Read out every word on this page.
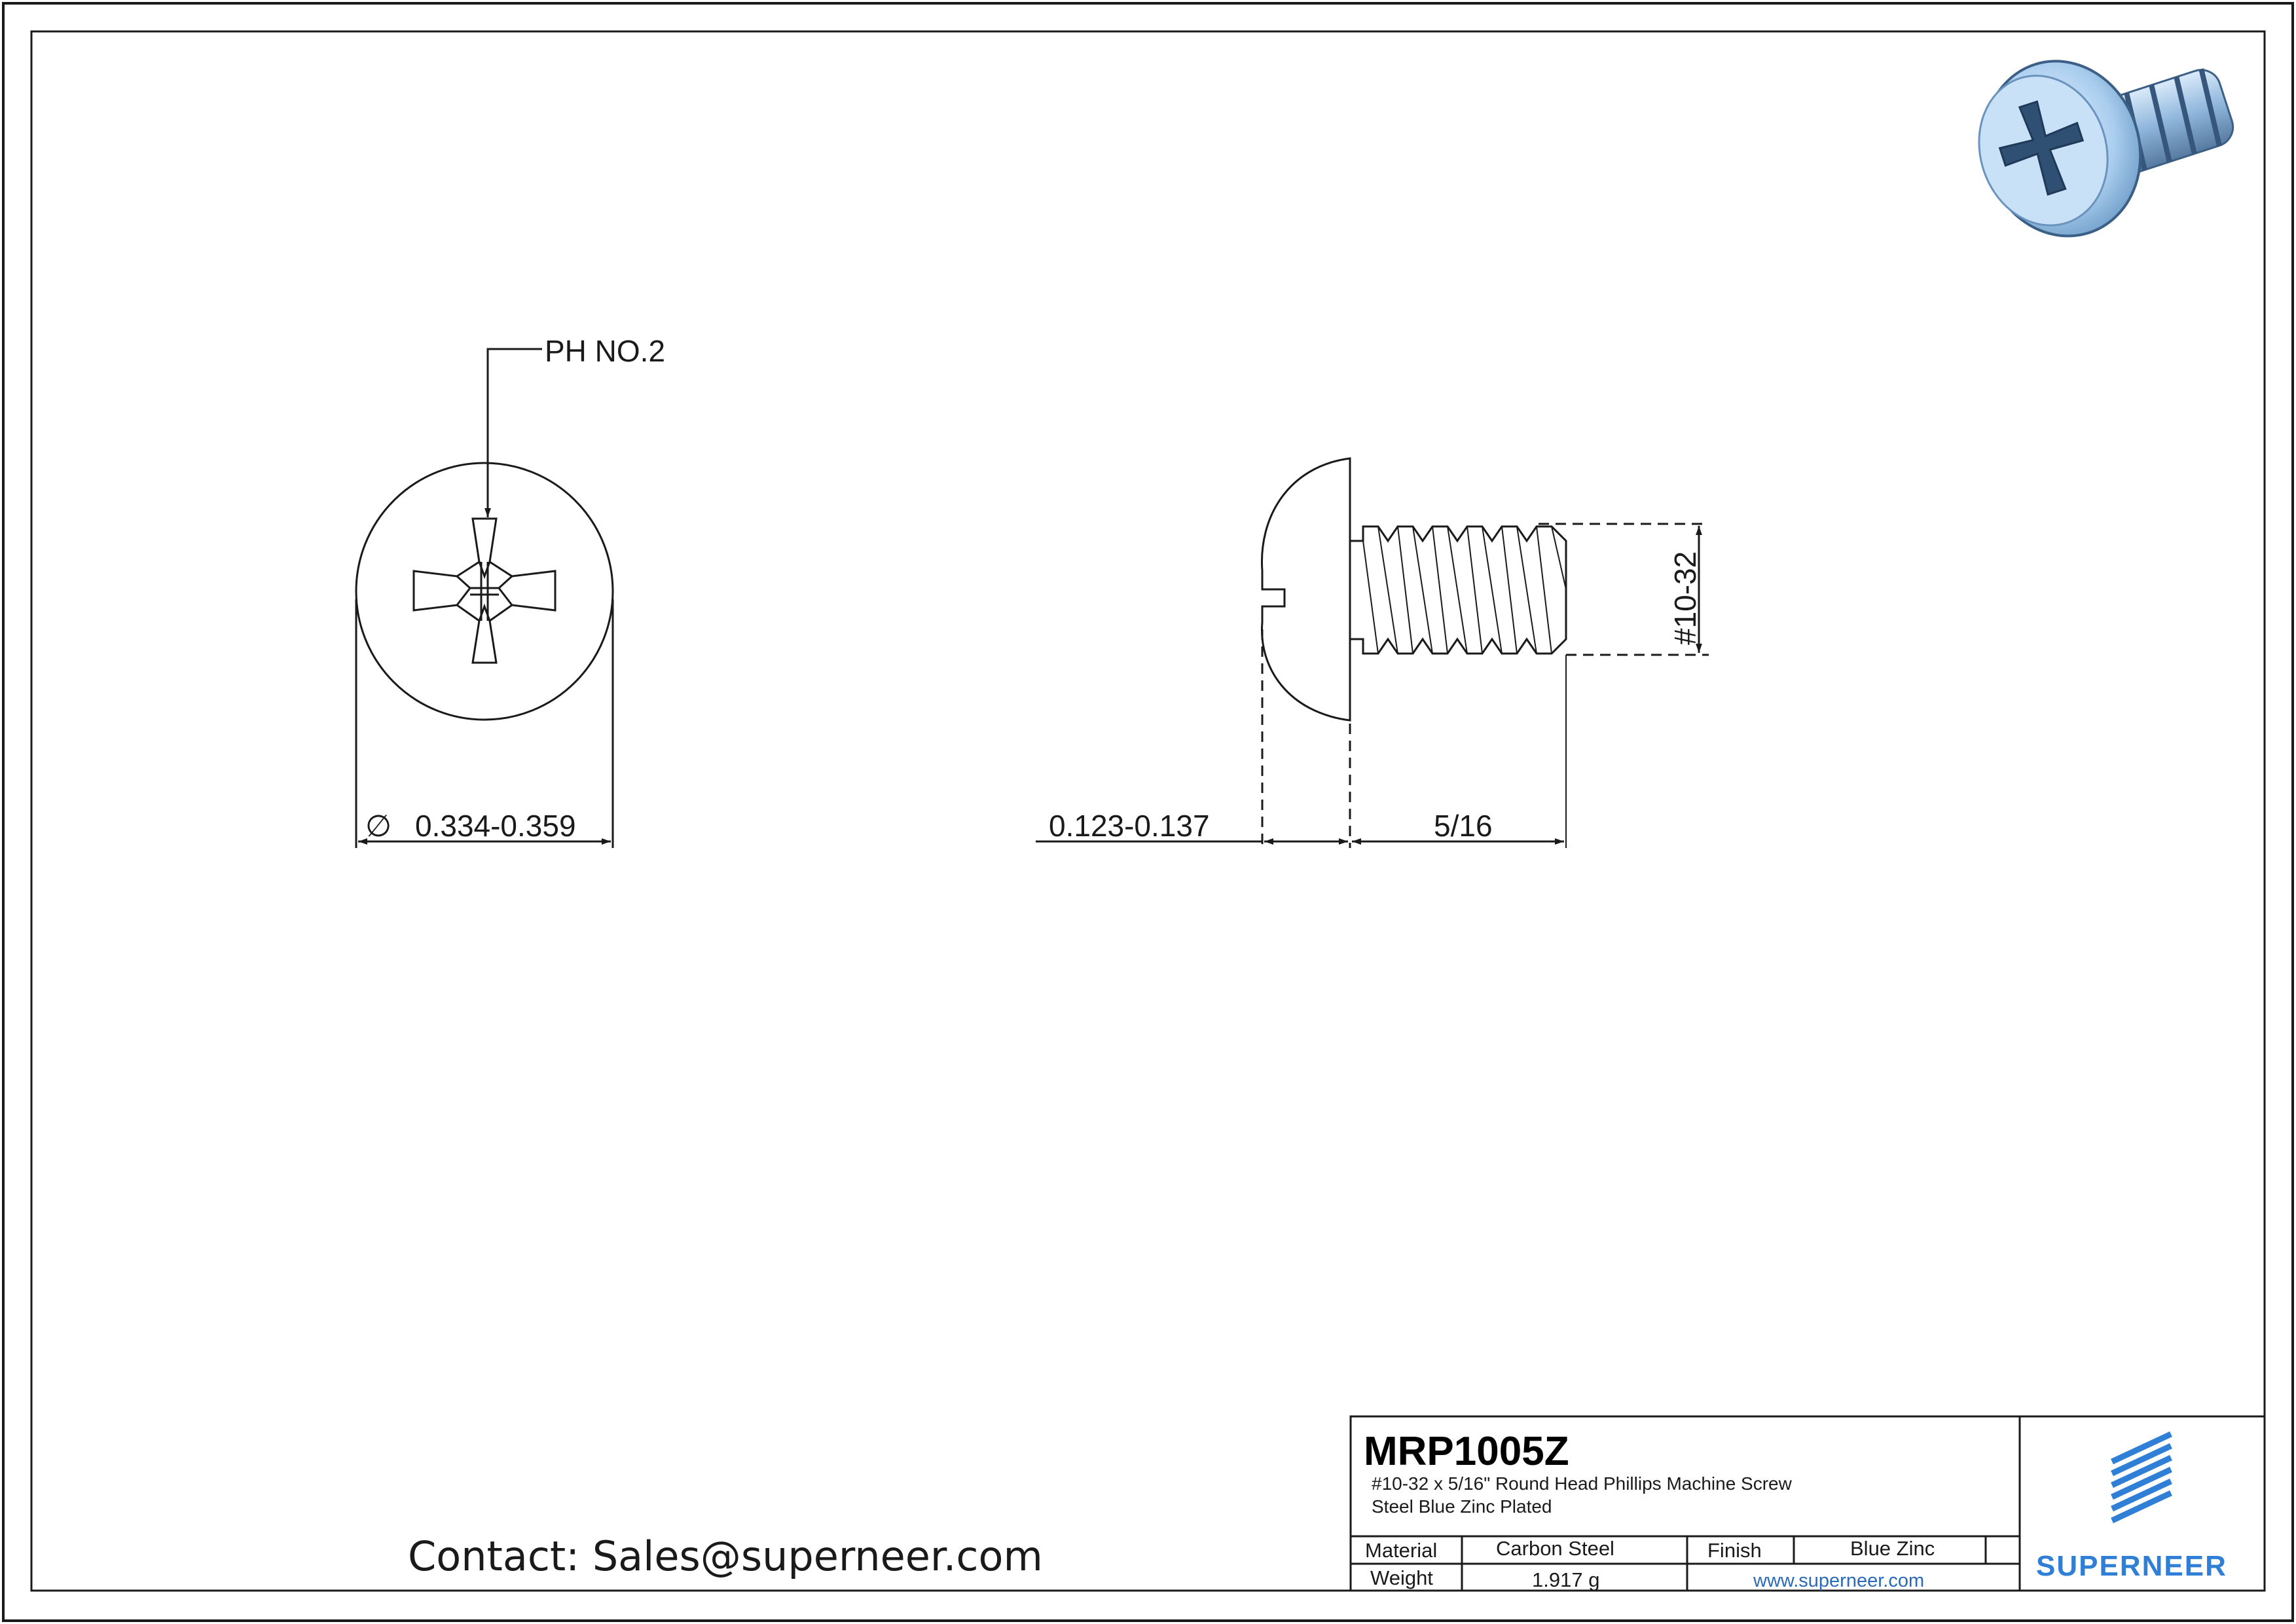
PH NO.2
∅ 0.334-0.359
#10-32
0.123-0.137	5/16
Contact: Sales@superneer.com
MRP1005Z
#10-32 x 5/16" Round Head Phillips Machine Screw
Steel Blue Zinc Plated
Material	Carbon Steel	Finish	Blue Zinc
Weight	1.917 g	www.superneer.com	SUPERNEER
